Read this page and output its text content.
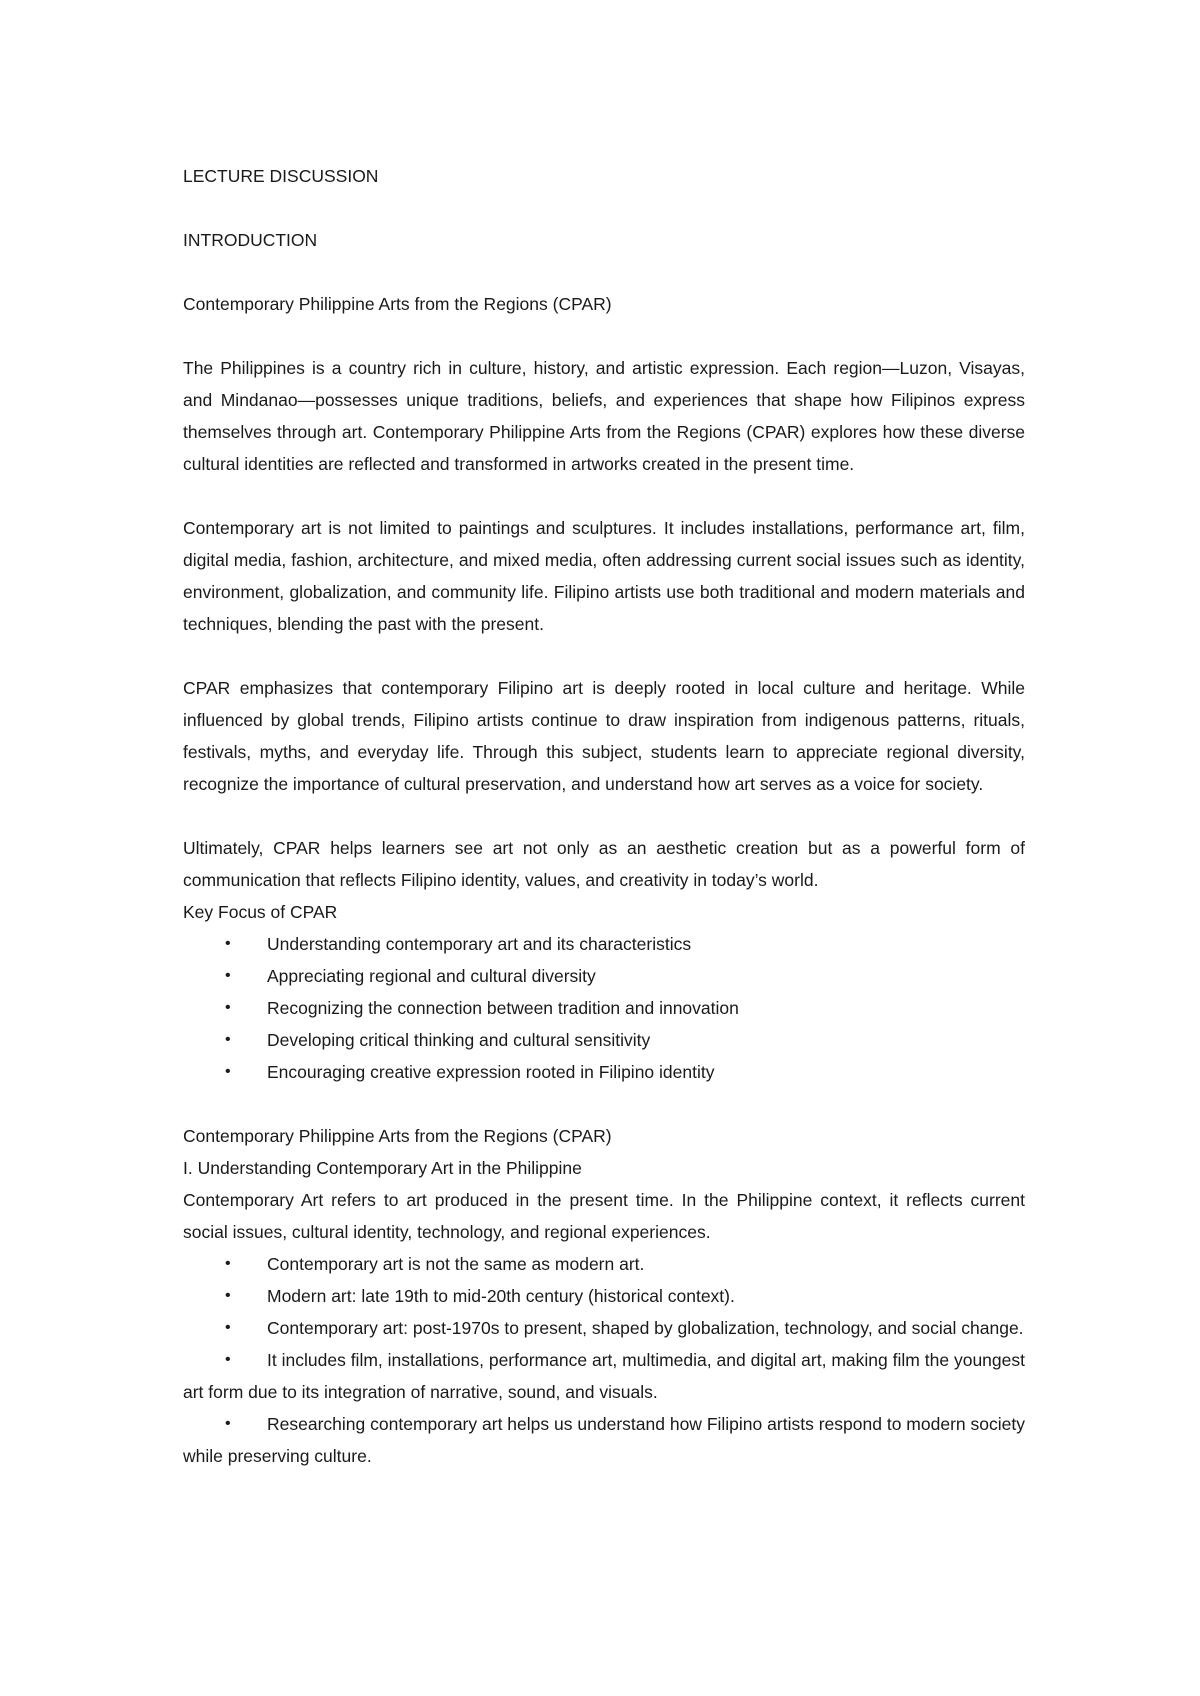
LECTURE DISCUSSION

INTRODUCTION

Contemporary Philippine Arts from the Regions (CPAR)

The Philippines is a country rich in culture, history, and artistic expression. Each region—Luzon, Visayas, and Mindanao—possesses unique traditions, beliefs, and experiences that shape how Filipinos express themselves through art. Contemporary Philippine Arts from the Regions (CPAR) explores how these diverse cultural identities are reflected and transformed in artworks created in the present time.

Contemporary art is not limited to paintings and sculptures. It includes installations, performance art, film, digital media, fashion, architecture, and mixed media, often addressing current social issues such as identity, environment, globalization, and community life. Filipino artists use both traditional and modern materials and techniques, blending the past with the present.

CPAR emphasizes that contemporary Filipino art is deeply rooted in local culture and heritage. While influenced by global trends, Filipino artists continue to draw inspiration from indigenous patterns, rituals, festivals, myths, and everyday life. Through this subject, students learn to appreciate regional diversity, recognize the importance of cultural preservation, and understand how art serves as a voice for society.

Ultimately, CPAR helps learners see art not only as an aesthetic creation but as a powerful form of communication that reflects Filipino identity, values, and creativity in today’s world.

Key Focus of CPAR

• Understanding contemporary art and its characteristics
• Appreciating regional and cultural diversity
• Recognizing the connection between tradition and innovation
• Developing critical thinking and cultural sensitivity
• Encouraging creative expression rooted in Filipino identity

Contemporary Philippine Arts from the Regions (CPAR)

I. Understanding Contemporary Art in the Philippine

Contemporary Art refers to art produced in the present time. In the Philippine context, it reflects current social issues, cultural identity, technology, and regional experiences.

• Contemporary art is not the same as modern art.
• Modern art: late 19th to mid-20th century (historical context).
• Contemporary art: post-1970s to present, shaped by globalization, technology, and social change.
• It includes film, installations, performance art, multimedia, and digital art, making film the youngest art form due to its integration of narrative, sound, and visuals.
• Researching contemporary art helps us understand how Filipino artists respond to modern society while preserving culture.
